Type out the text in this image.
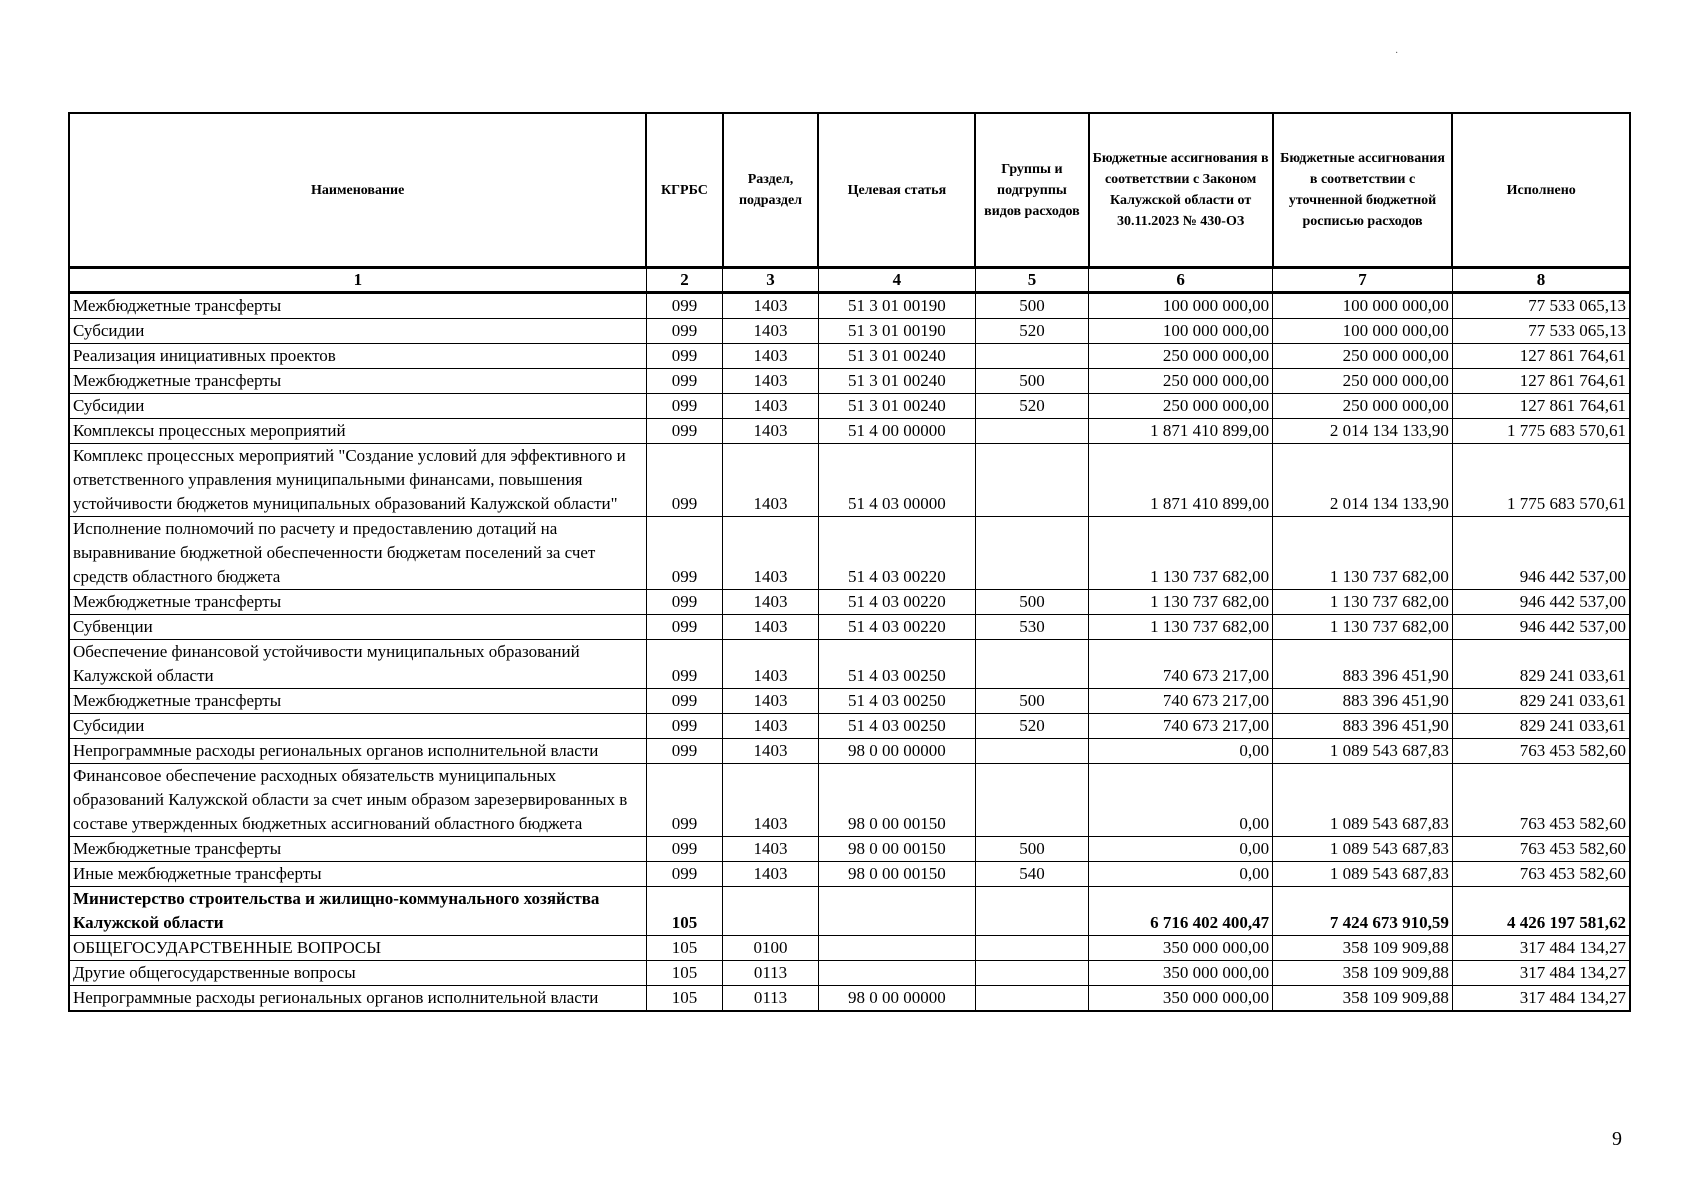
·
Наименование	КГРБС	Раздел, подраздел	Целевая статья	Группы и подгруппы видов расходов	Бюджетные ассигнования в соответствии с Законом Калужской области от 30.11.2023 № 430-ОЗ	Бюджетные ассигнования в соответствии с уточненной бюджетной росписью расходов	Исполнено
1	2	3	4	5	6	7	8
Межбюджетные трансферты	099	1403	51 3 01 00190	500	100 000 000,00	100 000 000,00	77 533 065,13
Субсидии	099	1403	51 3 01 00190	520	100 000 000,00	100 000 000,00	77 533 065,13
Реализация инициативных проектов	099	1403	51 3 01 00240		250 000 000,00	250 000 000,00	127 861 764,61
Межбюджетные трансферты	099	1403	51 3 01 00240	500	250 000 000,00	250 000 000,00	127 861 764,61
Субсидии	099	1403	51 3 01 00240	520	250 000 000,00	250 000 000,00	127 861 764,61
Комплексы процессных мероприятий	099	1403	51 4 00 00000		1 871 410 899,00	2 014 134 133,90	1 775 683 570,61
Комплекс процессных мероприятий "Создание условий для эффективного и ответственного управления муниципальными финансами, повышения устойчивости бюджетов муниципальных образований Калужской области"	099	1403	51 4 03 00000		1 871 410 899,00	2 014 134 133,90	1 775 683 570,61
Исполнение полномочий по расчету и предоставлению дотаций на выравнивание бюджетной обеспеченности бюджетам поселений за счет средств областного бюджета	099	1403	51 4 03 00220		1 130 737 682,00	1 130 737 682,00	946 442 537,00
Межбюджетные трансферты	099	1403	51 4 03 00220	500	1 130 737 682,00	1 130 737 682,00	946 442 537,00
Субвенции	099	1403	51 4 03 00220	530	1 130 737 682,00	1 130 737 682,00	946 442 537,00
Обеспечение финансовой устойчивости муниципальных образований Калужской области	099	1403	51 4 03 00250		740 673 217,00	883 396 451,90	829 241 033,61
Межбюджетные трансферты	099	1403	51 4 03 00250	500	740 673 217,00	883 396 451,90	829 241 033,61
Субсидии	099	1403	51 4 03 00250	520	740 673 217,00	883 396 451,90	829 241 033,61
Непрограммные расходы региональных органов исполнительной власти	099	1403	98 0 00 00000		0,00	1 089 543 687,83	763 453 582,60
Финансовое обеспечение расходных обязательств муниципальных образований Калужской области за счет иным образом зарезервированных в составе утвержденных бюджетных ассигнований областного бюджета	099	1403	98 0 00 00150		0,00	1 089 543 687,83	763 453 582,60
Межбюджетные трансферты	099	1403	98 0 00 00150	500	0,00	1 089 543 687,83	763 453 582,60
Иные межбюджетные трансферты	099	1403	98 0 00 00150	540	0,00	1 089 543 687,83	763 453 582,60
Министерство строительства и жилищно-коммунального хозяйства Калужской области	105				6 716 402 400,47	7 424 673 910,59	4 426 197 581,62
ОБЩЕГОСУДАРСТВЕННЫЕ ВОПРОСЫ	105	0100			350 000 000,00	358 109 909,88	317 484 134,27
Другие общегосударственные вопросы	105	0113			350 000 000,00	358 109 909,88	317 484 134,27
Непрограммные расходы региональных органов исполнительной власти	105	0113	98 0 00 00000		350 000 000,00	358 109 909,88	317 484 134,27
9
